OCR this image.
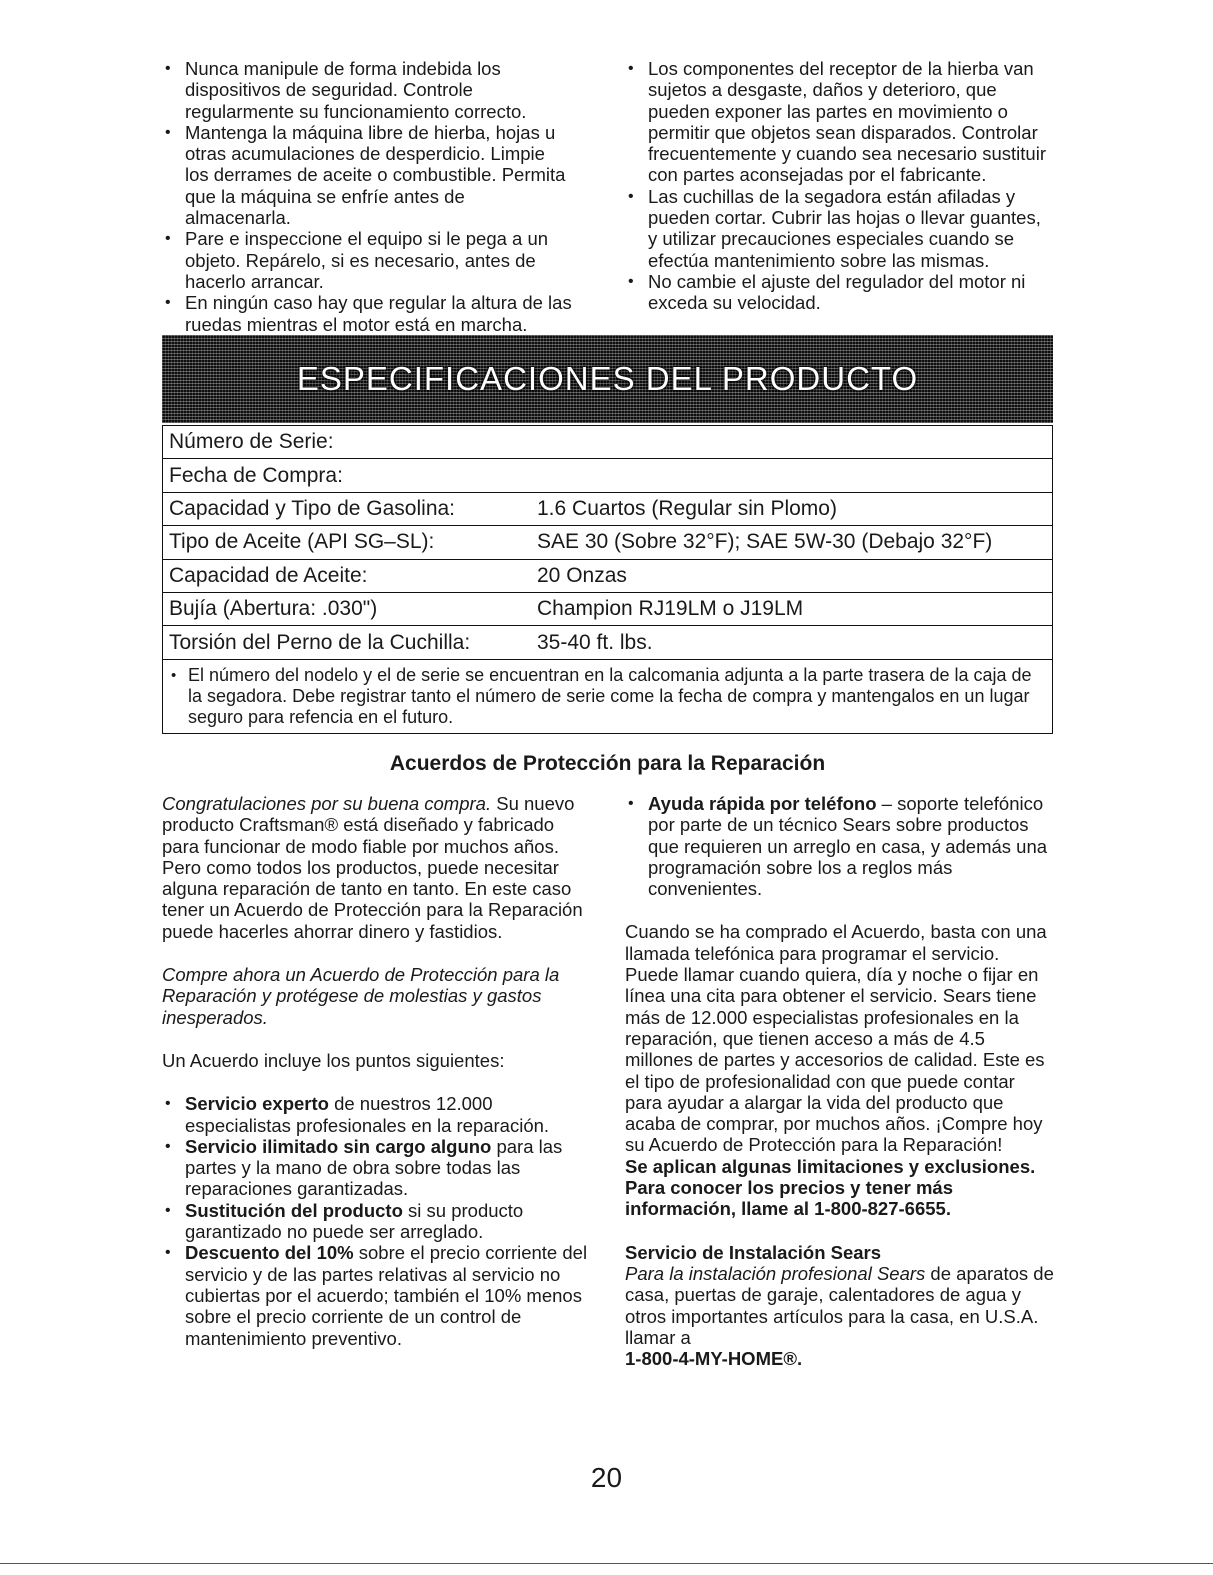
• Nunca manipule de forma indebida los dispositivos de seguridad. Controle regularmente su funcionamiento correcto.
• Mantenga la máquina libre de hierba, hojas u otras acumulaciones de desperdicio. Limpie los derrames de aceite o combustible. Permita que la máquina se enfríe antes de almacenarla.
• Pare e inspeccione el equipo si le pega a un objeto. Repárelo, si es necesario, antes de hacerlo arrancar.
• En ningún caso hay que regular la altura de las ruedas mientras el motor está en marcha.
• Los componentes del receptor de la hierba van sujetos a desgaste, daños y deterioro, que pueden exponer las partes en movimiento o permitir que objetos sean disparados. Controlar frecuentemente y cuando sea necesario sustituir con partes aconsejadas por el fabricante.
• Las cuchillas de la segadora están afiladas y pueden cortar. Cubrir las hojas o llevar guantes, y utilizar precauciones especiales cuando se efectúa mantenimiento sobre las mismas.
• No cambie el ajuste del regulador del motor ni exceda su velocidad.
ESPECIFICACIONES DEL PRODUCTO
Número de Serie:
Fecha de Compra:
Capacidad y Tipo de Gasolina:	1.6 Cuartos (Regular sin Plomo)
Tipo de Aceite (API SG–SL):	SAE 30 (Sobre 32°F); SAE 5W-30 (Debajo 32°F)
Capacidad de Aceite:	20 Onzas
Bujía (Abertura: .030")	Champion RJ19LM o J19LM
Torsión del Perno de la Cuchilla:	35-40 ft. lbs.
• El número del nodelo y el de serie se encuentran en la calcomania adjunta a la parte trasera de la caja de la segadora. Debe registrar tanto el número de serie come la fecha de compra y mantengalos en un lugar seguro para refencia en el futuro.
Acuerdos de Protección para la Reparación

Congratulaciones por su buena compra. Su nuevo producto Craftsman® está diseñado y fabricado para funcionar de modo fiable por muchos años. Pero como todos los productos, puede necesitar alguna reparación de tanto en tanto. En este caso tener un Acuerdo de Protección para la Reparación puede hacerles ahorrar dinero y fastidios.

Compre ahora un Acuerdo de Protección para la Reparación y protégese de molestias y gastos inesperados.

Un Acuerdo incluye los puntos siguientes:

• Servicio experto de nuestros 12.000 especialistas profesionales en la reparación.
• Servicio ilimitado sin cargo alguno para las partes y la mano de obra sobre todas las reparaciones garantizadas.
• Sustitución del producto si su producto garantizado no puede ser arreglado.
• Descuento del 10% sobre el precio corriente del servicio y de las partes relativas al servicio no cubiertas por el acuerdo; también el 10% menos sobre el precio corriente de un control de mantenimiento preventivo.
• Ayuda rápida por teléfono – soporte telefónico por parte de un técnico Sears sobre productos que requieren un arreglo en casa, y además una programación sobre los a reglos más convenientes.

Cuando se ha comprado el Acuerdo, basta con una llamada telefónica para programar el servicio. Puede llamar cuando quiera, día y noche o fijar en línea una cita para obtener el servicio. Sears tiene más de 12.000 especialistas profesionales en la reparación, que tienen acceso a más de 4.5 millones de partes y accesorios de calidad. Este es el tipo de profesionalidad con que puede contar para ayudar a alargar la vida del producto que acaba de comprar, por muchos años. ¡Compre hoy su Acuerdo de Protección para la Reparación!

Se aplican algunas limitaciones y exclusiones. Para conocer los precios y tener más información, llame al 1-800-827-6655.

Servicio de Instalación Sears

Para la instalación profesional Sears de aparatos de casa, puertas de garaje, calentadores de agua y otros importantes artículos para la casa, en U.S.A. llamar a
1-800-4-MY-HOME®.

20
